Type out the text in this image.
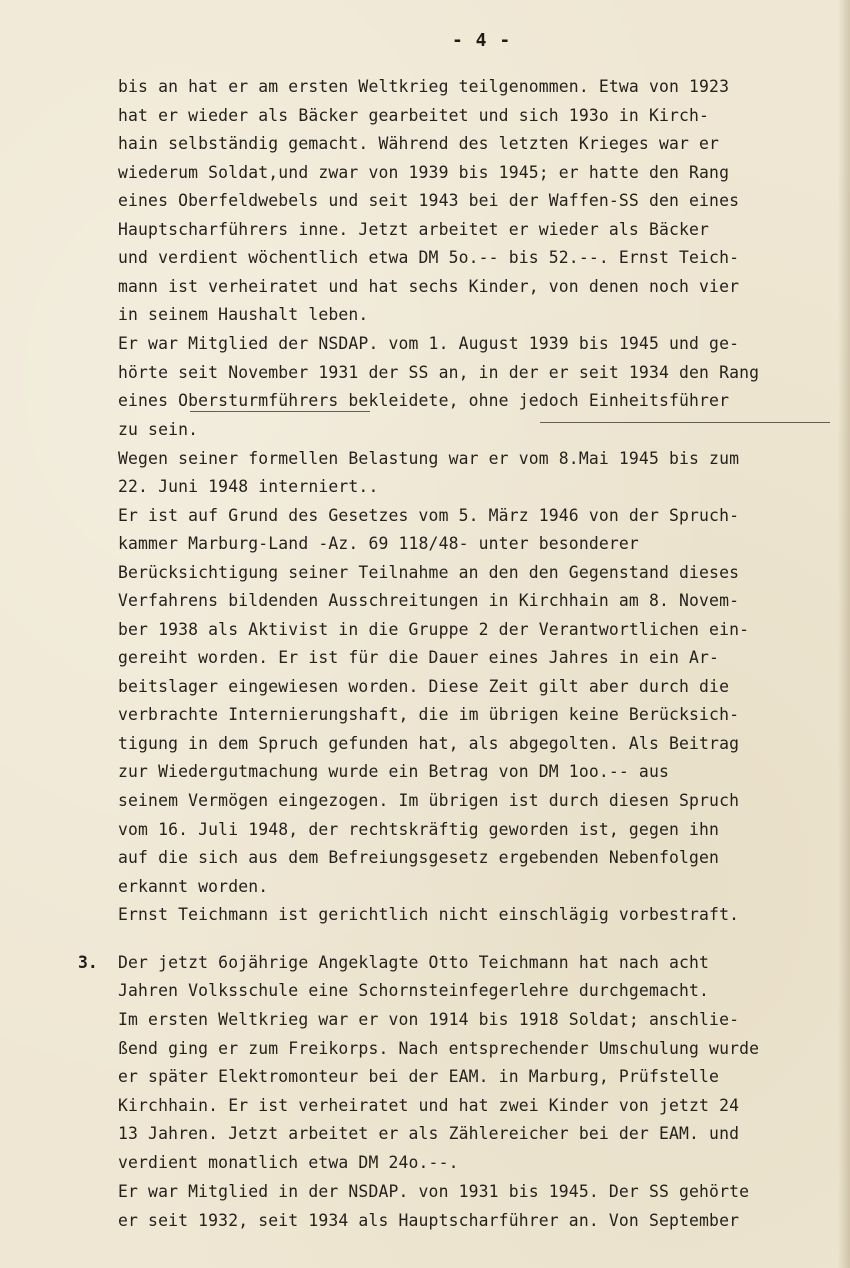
- 4 -
bis an hat er am ersten Weltkrieg teilgenommen. Etwa von 1923
hat er wieder als Bäcker gearbeitet und sich 193o in Kirch-
hain selbständig gemacht. Während des letzten Krieges war er
wiederum Soldat,und zwar von 1939 bis 1945; er hatte den Rang
eines Oberfeldwebels und seit 1943 bei der Waffen-SS den eines
Hauptscharführers inne. Jetzt arbeitet er wieder als Bäcker
und verdient wöchentlich etwa DM 5o.-- bis 52.--. Ernst Teich-
mann ist verheiratet und hat sechs Kinder, von denen noch vier
in seinem Haushalt leben.
Er war Mitglied der NSDAP. vom 1. August 1939 bis 1945 und ge-
hörte seit November 1931 der SS an, in der er seit 1934 den Rang
eines Obersturmführers bekleidete, ohne jedoch Einheitsführer
zu sein.
Wegen seiner formellen Belastung war er vom 8.Mai 1945 bis zum
22. Juni 1948 interniert..
Er ist auf Grund des Gesetzes vom 5. März 1946 von der Spruch-
kammer Marburg-Land -Az. 69 118/48- unter besonderer
Berücksichtigung seiner Teilnahme an den den Gegenstand dieses
Verfahrens bildenden Ausschreitungen in Kirchhain am 8. Novem-
ber 1938 als Aktivist in die Gruppe 2 der Verantwortlichen ein-
gereiht worden. Er ist für die Dauer eines Jahres in ein Ar-
beitslager eingewiesen worden. Diese Zeit gilt aber durch die
verbrachte Internierungshaft, die im übrigen keine Berücksich-
tigung in dem Spruch gefunden hat, als abgegolten. Als Beitrag
zur Wiedergutmachung wurde ein Betrag von DM 1oo.-- aus
seinem Vermögen eingezogen. Im übrigen ist durch diesen Spruch
vom 16. Juli 1948, der rechtskräftig geworden ist, gegen ihn
auf die sich aus dem Befreiungsgesetz ergebenden Nebenfolgen
erkannt worden.
Ernst Teichmann ist gerichtlich nicht einschlägig vorbestraft.
3. Der jetzt 6ojährige Angeklagte Otto Teichmann hat nach acht
Jahren Volksschule eine Schornsteinfegerlehre durchgemacht.
Im ersten Weltkrieg war er von 1914 bis 1918 Soldat; anschlie-
ßend ging er zum Freikorps. Nach entsprechender Umschulung wurde
er später Elektromonteur bei der EAM. in Marburg, Prüfstelle
Kirchhain. Er ist verheiratet und hat zwei Kinder von jetzt 24
13 Jahren. Jetzt arbeitet er als Zählereicher bei der EAM. und
verdient monatlich etwa DM 24o.--.
Er war Mitglied in der NSDAP. von 1931 bis 1945. Der SS gehörte
er seit 1932, seit 1934 als Hauptscharführer an. Von September
